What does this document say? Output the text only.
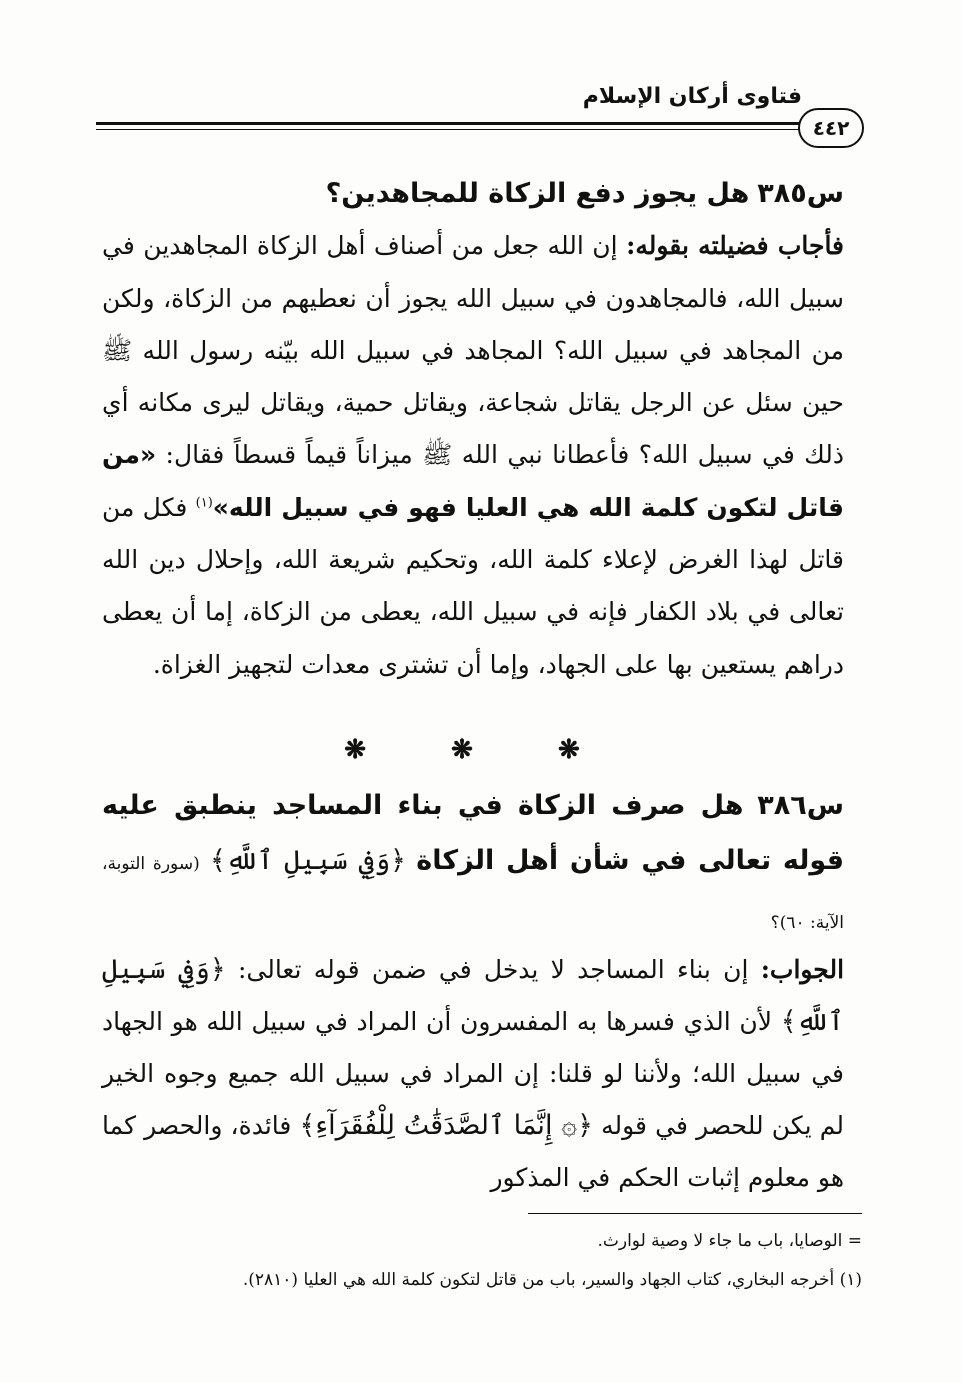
فتاوى أركان الإسلام
٤٤٢
س٣٨٥ هل يجوز دفع الزكاة للمجاهدين؟
فأجاب فضيلته بقوله: إن الله جعل من أصناف أهل الزكاة المجاهدين في سبيل الله، فالمجاهدون في سبيل الله يجوز أن نعطيهم من الزكاة، ولكن من المجاهد في سبيل الله؟ المجاهد في سبيل الله بيّنه رسول الله ﷺ حين سئل عن الرجل يقاتل شجاعة، ويقاتل حمية، ويقاتل ليرى مكانه أي ذلك في سبيل الله؟ فأعطانا نبي الله ﷺ ميزاناً قيماً قسطاً فقال: «من قاتل لتكون كلمة الله هي العليا فهو في سبيل الله»$^{(١)}$ فكل من قاتل لهذا الغرض لإعلاء كلمة الله، وتحكيم شريعة الله، وإحلال دين الله تعالى في بلاد الكفار فإنه في سبيل الله، يعطى من الزكاة، إما أن يعطى دراهم يستعين بها على الجهاد، وإما أن تشترى معدات لتجهيز الغزاة.
❋ ❋ ❋
س٣٨٦ هل صرف الزكاة في بناء المساجد ينطبق عليه قوله تعالى في شأن أهل الزكاة ﴿وَفِي سَبِيلِ ٱللَّهِ﴾ (سورة التوبة، الآية: ٦٠)؟
الجواب: إن بناء المساجد لا يدخل في ضمن قوله تعالى: ﴿وَفِي سَبِيلِ ٱللَّهِ﴾ لأن الذي فسرها به المفسرون أن المراد في سبيل الله هو الجهاد في سبيل الله؛ ولأننا لو قلنا: إن المراد في سبيل الله جميع وجوه الخير لم يكن للحصر في قوله ﴿۞ إِنَّمَا ٱلصَّدَقَٰتُ لِلْفُقَرَآءِ﴾ فائدة، والحصر كما هو معلوم إثبات الحكم في المذكور
= الوصايا، باب ما جاء لا وصية لوارث.
(١) أخرجه البخاري، كتاب الجهاد والسير، باب من قاتل لتكون كلمة الله هي العليا (٢٨١٠).
